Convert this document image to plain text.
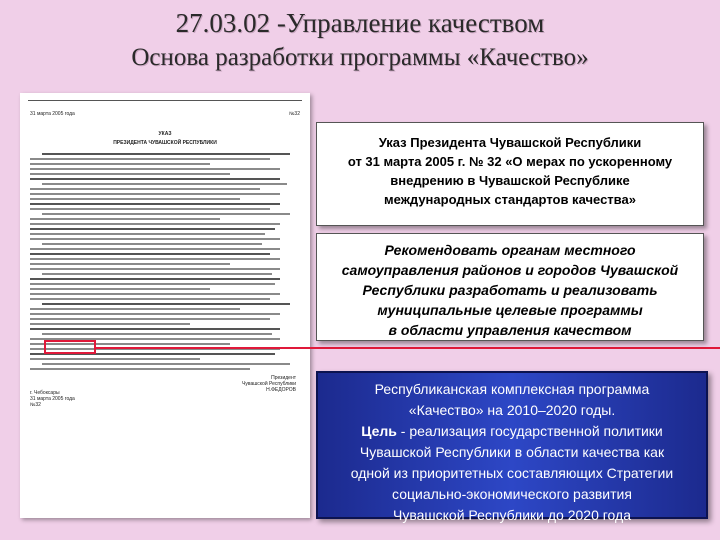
27.03.02 -Управление качеством
Основа разработки программы «Качество»
31 марта 2005 года	№32
УКАЗ
ПРЕЗИДЕНТА ЧУВАШСКОЙ РЕСПУБЛИКИ
Президент
Чувашской Республики
Н.ФЕДОРОВ
г. Чебоксары
31 марта 2005 года
№32
Указ Президента Чувашской Республики
от 31 марта 2005 г. № 32 «О мерах по ускоренному
внедрению в Чувашской Республике
международных стандартов качества»
Рекомендовать органам местного
самоуправления районов и городов Чувашской
Республики разработать и реализовать
муниципальные целевые программы
в области управления качеством
Республиканская комплексная программа
«Качество» на 2010–2020 годы.
Цель - реализация государственной политики
Чувашской Республики в области качества как
одной из приоритетных составляющих Стратегии
социально-экономического развития
Чувашской Республики до 2020 года
